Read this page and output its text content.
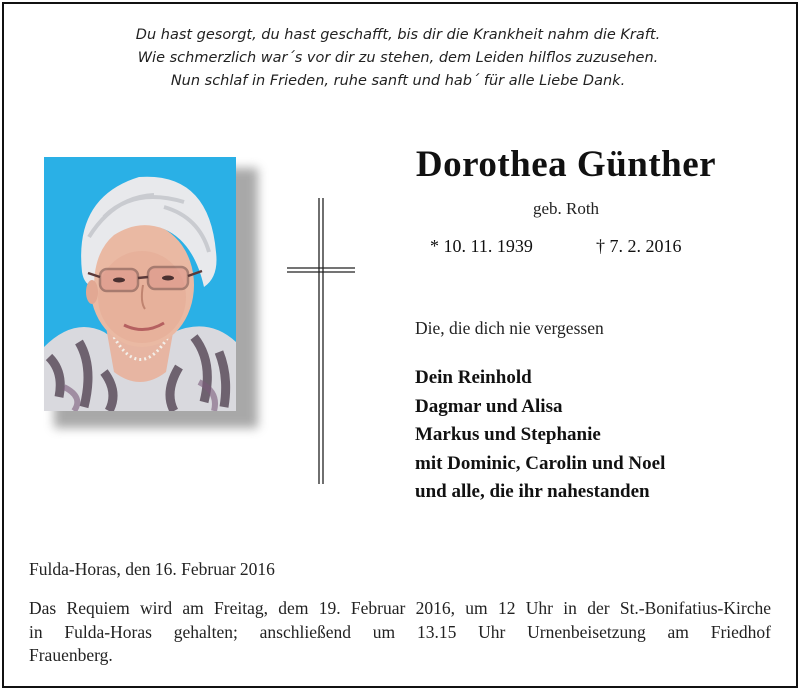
Du hast gesorgt, du hast geschafft, bis dir die Krankheit nahm die Kraft.
Wie schmerzlich war´s vor dir zu stehen, dem Leiden hilflos zuzusehen.
Nun schlaf in Frieden, ruhe sanft und hab´ für alle Liebe Dank.
Dorothea Günther
geb. Roth
* 10. 11. 1939	† 7. 2. 2016
Die, die dich nie vergessen
Dein Reinhold
Dagmar und Alisa
Markus und Stephanie
mit Dominic, Carolin und Noel
und alle, die ihr nahestanden
Fulda-Horas, den 16. Februar 2016
Das Requiem wird am Freitag, dem 19. Februar 2016, um 12 Uhr in der St.-Bonifatius-Kirche
in Fulda-Horas gehalten; anschließend um 13.15 Uhr Urnenbeisetzung am Friedhof
Frauenberg.
